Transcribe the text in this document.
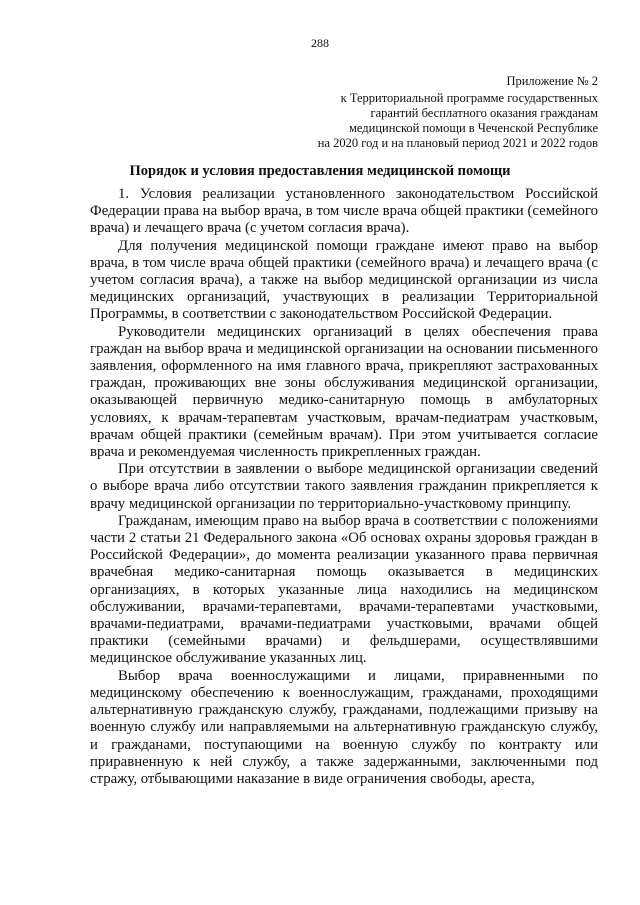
288
Приложение № 2
к Территориальной программе государственных
гарантий бесплатного оказания гражданам
медицинской помощи в Чеченской Республике
на 2020 год и на плановый период 2021 и 2022 годов
Порядок и условия предоставления медицинской помощи

1. Условия реализации установленного законодательством Российской Федерации права на выбор врача, в том числе врача общей практики (семейного врача) и лечащего врача (с учетом согласия врача).

Для получения медицинской помощи граждане имеют право на выбор врача, в том числе врача общей практики (семейного врача) и лечащего врача (с учетом согласия врача), а также на выбор медицинской организации из числа медицинских организаций, участвующих в реализации Территориальной Программы, в соответствии с законодательством Российской Федерации.

Руководители медицинских организаций в целях обеспечения права граждан на выбор врача и медицинской организации на основании письменного заявления, оформленного на имя главного врача, прикрепляют застрахованных граждан, проживающих вне зоны обслуживания медицинской организации, оказывающей первичную медико-санитарную помощь в амбулаторных условиях, к врачам-терапевтам участковым, врачам-педиатрам участковым, врачам общей практики (семейным врачам). При этом учитывается согласие врача и рекомендуемая численность прикрепленных граждан.

При отсутствии в заявлении о выборе медицинской организации сведений о выборе врача либо отсутствии такого заявления гражданин прикрепляется к врачу медицинской организации по территориально-участковому принципу.

Гражданам, имеющим право на выбор врача в соответствии с положениями части 2 статьи 21 Федерального закона «Об основах охраны здоровья граждан в Российской Федерации», до момента реализации указанного права первичная врачебная медико-санитарная помощь оказывается в медицинских организациях, в которых указанные лица находились на медицинском обслуживании, врачами-терапевтами, врачами-терапевтами участковыми, врачами-педиатрами, врачами-педиатрами участковыми, врачами общей практики (семейными врачами) и фельдшерами, осуществлявшими медицинское обслуживание указанных лиц.

Выбор врача военнослужащими и лицами, приравненными по медицинскому обеспечению к военнослужащим, гражданами, проходящими альтернативную гражданскую службу, гражданами, подлежащими призыву на военную службу или направляемыми на альтернативную гражданскую службу, и гражданами, поступающими на военную службу по контракту или приравненную к ней службу, а также задержанными, заключенными под стражу, отбывающими наказание в виде ограничения свободы, ареста,
